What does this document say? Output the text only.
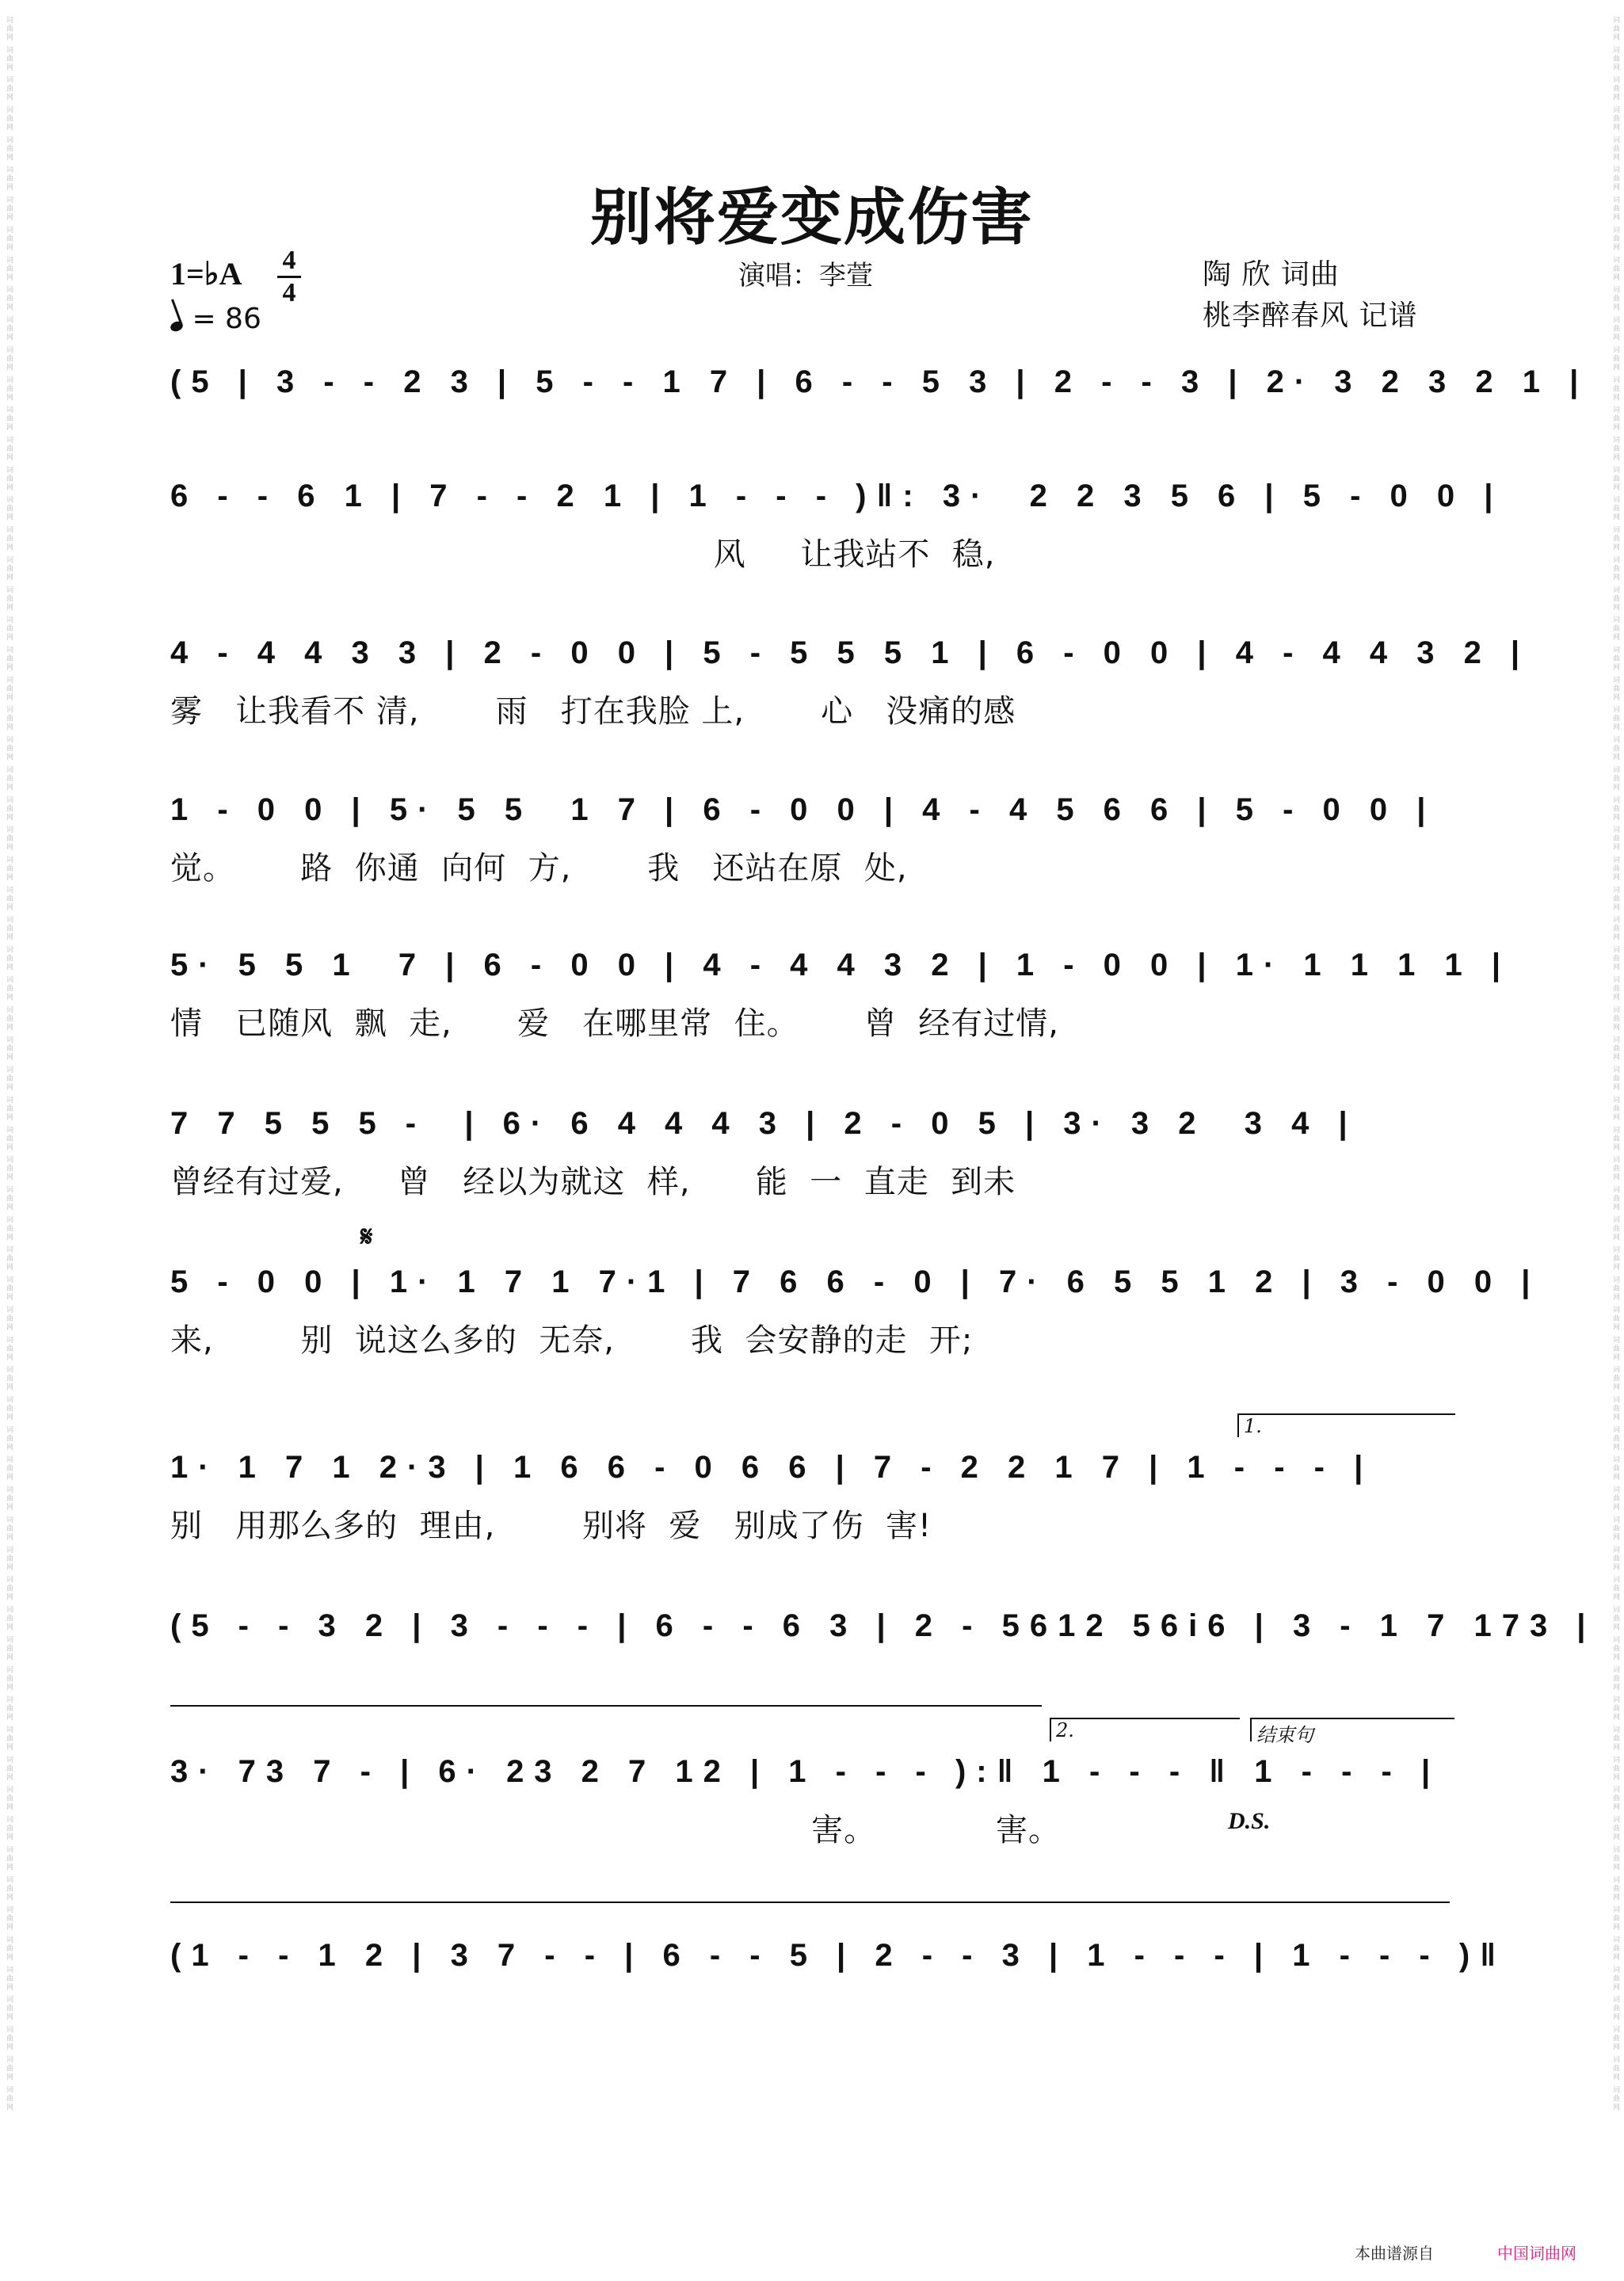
词曲网 词曲网 词曲网 词曲网 词曲网 词曲网 词曲网 词曲网 词曲网 词曲网 词曲网 词曲网 词曲网 词曲网 词曲网 词曲网 词曲网 词曲网 词曲网 词曲网 词曲网 词曲网 词曲网 词曲网 词曲网 词曲网 词曲网 词曲网 词曲网 词曲网 词曲网 词曲网 词曲网 词曲网 词曲网 词曲网 词曲网 词曲网 词曲网 词曲网 词曲网 词曲网 词曲网 词曲网 词曲网 词曲网 词曲网 词曲网 词曲网 词曲网 词曲网 词曲网 词曲网 词曲网 词曲网 词曲网 词曲网 词曲网 词曲网 词曲网 词曲网 词曲网 词曲网 词曲网 词曲网 词曲网 词曲网 词曲网 词曲网 词曲网	词曲网 词曲网 词曲网 词曲网 词曲网 词曲网 词曲网 词曲网 词曲网 词曲网 词曲网 词曲网 词曲网 词曲网 词曲网 词曲网 词曲网 词曲网 词曲网 词曲网 词曲网 词曲网 词曲网 词曲网 词曲网 词曲网 词曲网 词曲网 词曲网 词曲网 词曲网 词曲网 词曲网 词曲网 词曲网 词曲网 词曲网 词曲网 词曲网 词曲网 词曲网 词曲网 词曲网 词曲网 词曲网 词曲网 词曲网 词曲网 词曲网 词曲网 词曲网 词曲网 词曲网 词曲网 词曲网 词曲网 词曲网 词曲网 词曲网 词曲网 词曲网 词曲网 词曲网 词曲网 词曲网 词曲网 词曲网 词曲网 词曲网 词曲网
别将爱变成伤害
1=♭A 4
4
= 86
演唱：李萱	陶 欣 词曲
桃李醉春风 记谱
(5 | 3 - - 2 3 | 5 - - 1 7 | 6 - - 5 3 | 2 - - 3 | 2· 3 2 3 2 1 |
6 - - 6 1 | 7 - - 2 1 | 1 - - - )‖: 3·  2 2 3 5 6 | 5 - 0 0 |
风     让我站不  稳,
4 - 4 4 3 3 | 2 - 0 0 | 5 - 5 5 5 1 | 6 - 0 0 | 4 - 4 4 3 2 |
雾   让我看不 清,       雨   打在我脸 上,       心   没痛的感
1 - 0 0 | 5· 5 5  1 7 | 6 - 0 0 | 4 - 4 5 6 6 | 5 - 0 0 |
觉。      路  你通  向何  方,       我   还站在原  处,
5· 5 5 1  7 | 6 - 0 0 | 4 - 4 4 3 2 | 1 - 0 0 | 1· 1 1 1 1 |
情   已随风  飘  走,      爱   在哪里常  住。      曾  经有过情,
7 7 5 5 5 -  | 6· 6 4 4 4 3 | 2 - 0 5 | 3· 3 2  3 4 |
曾经有过爱,     曾   经以为就这  样,      能  一  直走  到未
𝄋
5 - 0 0 | 1· 1 7 1 7·1 | 7 6 6 - 0 | 7· 6 5 5 1 2 | 3 - 0 0 |
来,        别  说这么多的  无奈,       我  会安静的走  开;
1.
1· 1 7 1 2·3 | 1 6 6 - 0 6 6 | 7 - 2 2 1 7 | 1 - - - |
别   用那么多的  理由,        别将  爱   别成了伤  害!
(5 - - 3 2 | 3 - - - | 6 - - 6 3 | 2 - 5612 56i6 | 3 - 1 7 173 |
2.	结束句
3· 73 7 - | 6· 23 2 7 12 | 1 - - - ):‖ 1 - - - ‖ 1 - - - |
害。           害。	D.S.
(1 - - 1 2 | 3 7 - - | 6 - - 5 | 2 - - 3 | 1 - - - | 1 - - - )‖
本曲谱源自	中国词曲网
